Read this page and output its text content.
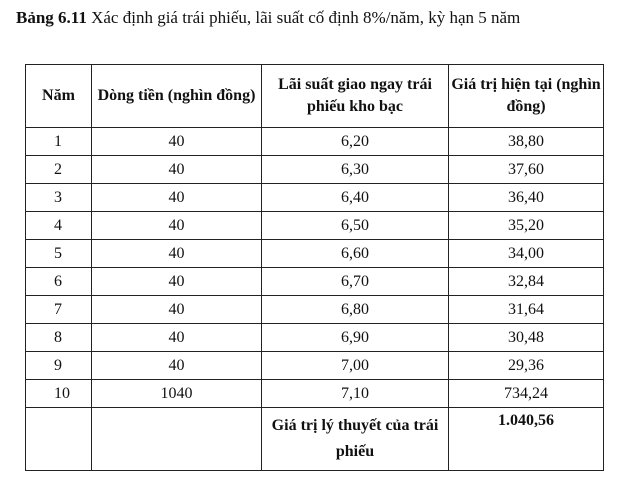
Bảng 6.11 Xác định giá trái phiếu, lãi suất cố định 8%/năm, kỳ hạn 5 năm
Năm	Dòng tiền (nghìn đồng)	Lãi suất giao ngay trái phiếu kho bạc	Giá trị hiện tại (nghìn đồng)
1	40	6,20	38,80
2	40	6,30	37,60
3	40	6,40	36,40
4	40	6,50	35,20
5	40	6,60	34,00
6	40	6,70	32,84
7	40	6,80	31,64
8	40	6,90	30,48
9	40	7,00	29,36
10	1040	7,10	734,24
		Giá trị lý thuyết của trái phiếu	1.040,56
